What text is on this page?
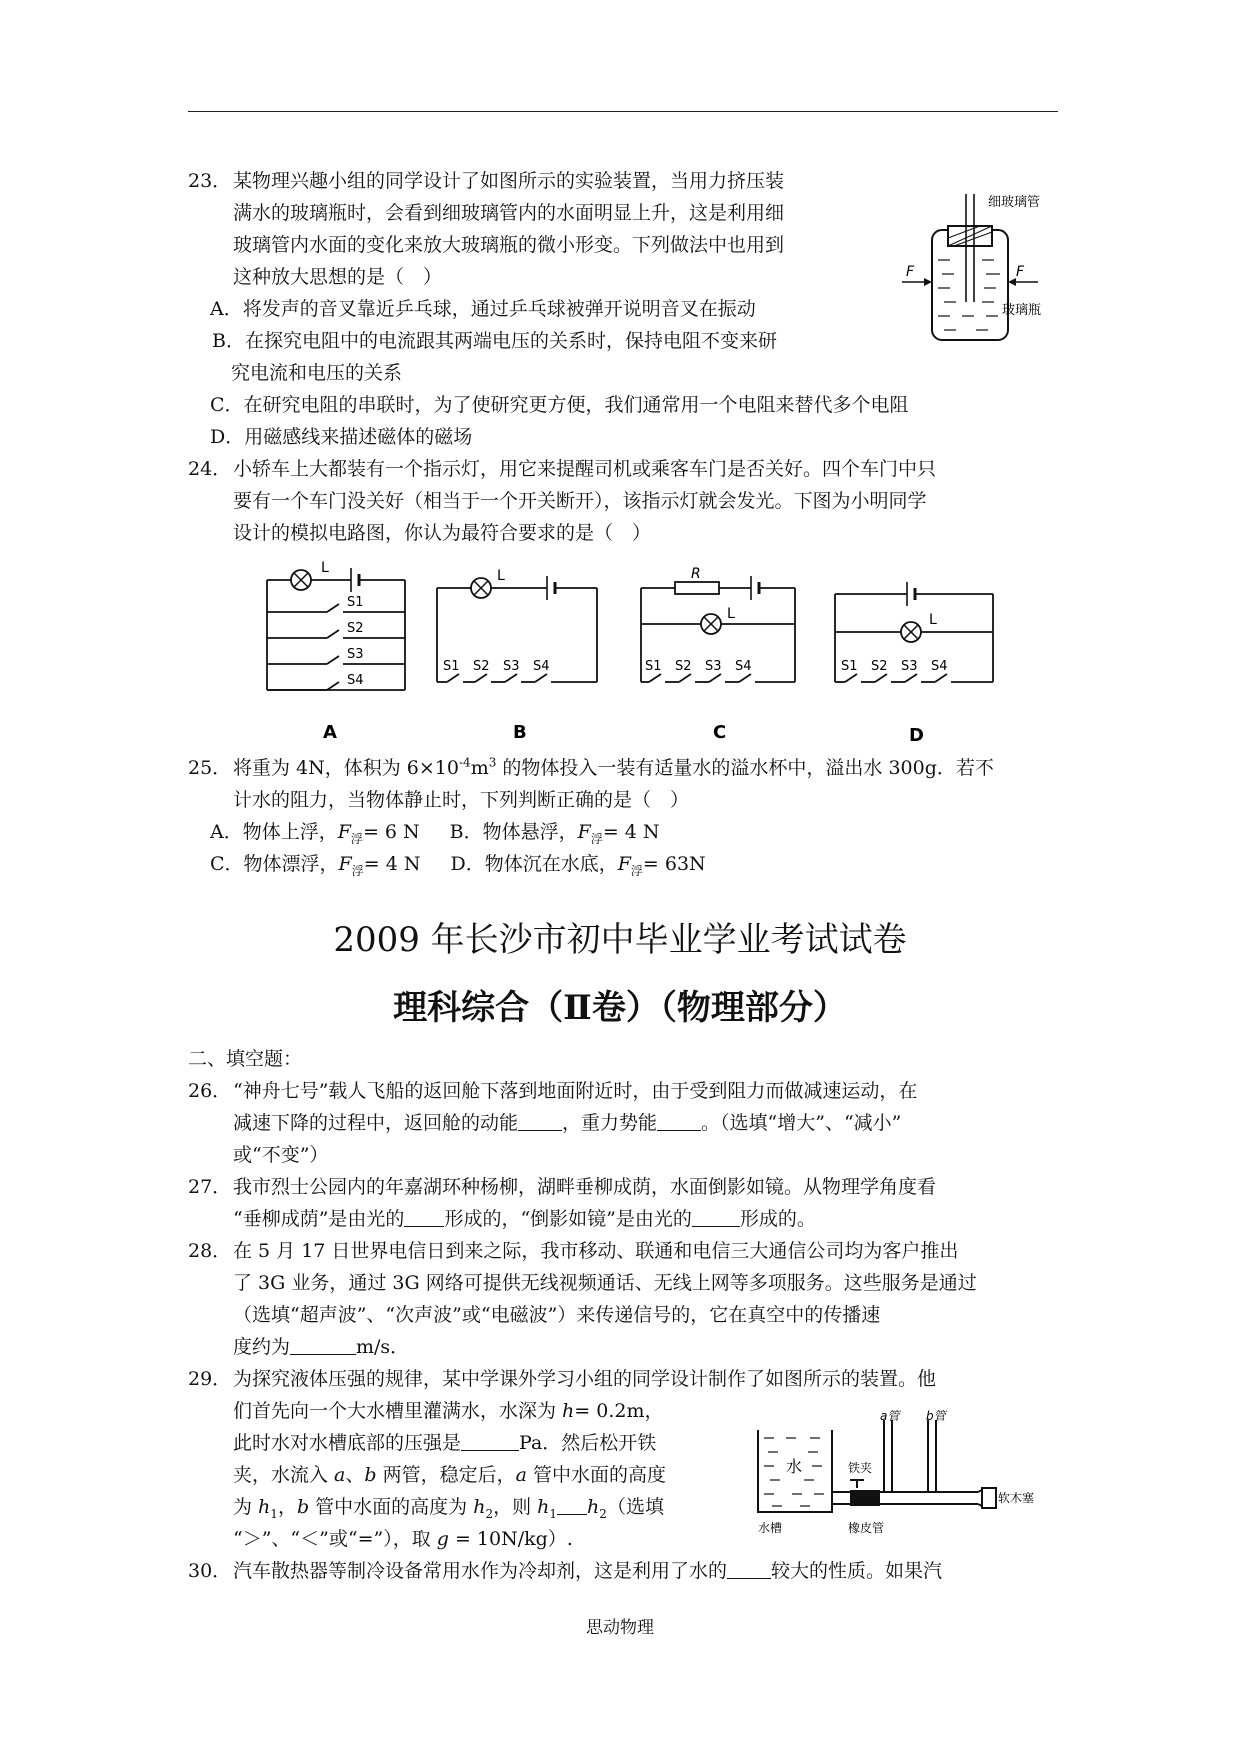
23． 某物理兴趣小组的同学设计了如图所示的实验装置，当用力挤压装
满水的玻璃瓶时，会看到细玻璃管内的水面明显上升，这是利用细
玻璃管内水面的变化来放大玻璃瓶的微小形变。下列做法中也用到
这种放大思想的是（　）
A．将发声的音叉靠近乒乓球，通过乒乓球被弹开说明音叉在振动
B．在探究电阻中的电流跟其两端电压的关系时，保持电阻不变来研
究电流和电压的关系
C．在研究电阻的串联时，为了使研究更方便，我们通常用一个电阻来替代多个电阻
D．用磁感线来描述磁体的磁场
F	F
细玻璃管
玻璃瓶
24． 小轿车上大都装有一个指示灯，用它来提醒司机或乘客车门是否关好。四个车门中只
要有一个车门没关好（相当于一个开关断开），该指示灯就会发光。下图为小明同学
设计的模拟电路图，你认为最符合要求的是（　）
L
S1
S2
S3
S4
A
L
S1 S2 S3 S4
B
R
L
S1 S2 S3 S4
C
L
S1 S2 S3 S4
D
25． 将重为 4N，体积为 $6\times 10^{-4}m^3$ 的物体投入一装有适量水的溢水杯中，溢出水 300g．若不
计水的阻力，当物体静止时，下列判断正确的是（　）
A．物体上浮，$F_浮= 6$ N B．物体悬浮，$F_浮= 4$ N
C．物体漂浮，$F_浮= 4$ N D．物体沉在水底，$F_浮= 63N$
2009 年长沙市初中毕业学业考试试卷
理科综合（Ⅱ卷）（物理部分）
二、填空题：
26． “神舟七号”载人飞船的返回舱下落到地面附近时，由于受到阻力而做减速运动，在
减速下降的过程中，返回舱的动能 ，重力势能 。（选填“增大”、“减小”
或“不变”）
27． 我市烈士公园内的年嘉湖环种杨柳，湖畔垂柳成荫，水面倒影如镜。从物理学角度看
“垂柳成荫”是由光的 形成的，“倒影如镜”是由光的	形成的。
28． 在 5 月 17 日世界电信日到来之际，我市移动、联通和电信三大通信公司均为客户推出
了 3G 业务，通过 3G 网络可提供无线视频通话、无线上网等多项服务。这些服务是通过
（选填“超声波”、“次声波”或“电磁波”）来传递信号的，它在真空中的传播速
度约为	m/s．
29． 为探究液体压强的规律，某中学课外学习小组的同学设计制作了如图所示的装置。他
们首先向一个大水槽里灌满水，水深为 h= 0.2m，
此时水对水槽底部的压强是	Pa．然后松开铁
夹，水流入 a、b 两管，稳定后，a 管中水面的高度
为 $h_1$，b 管中水面的高度为 $h_2$，则 $h_1$ $h_2$（选填
“＞”、“＜”或“=”），取 g = 10N/kg）.
a管 b管
铁夹
水
水槽	橡皮管
软木塞
30． 汽车散热器等制冷设备常用水作为冷却剂，这是利用了水的 较大的性质。如果汽
思动物理
